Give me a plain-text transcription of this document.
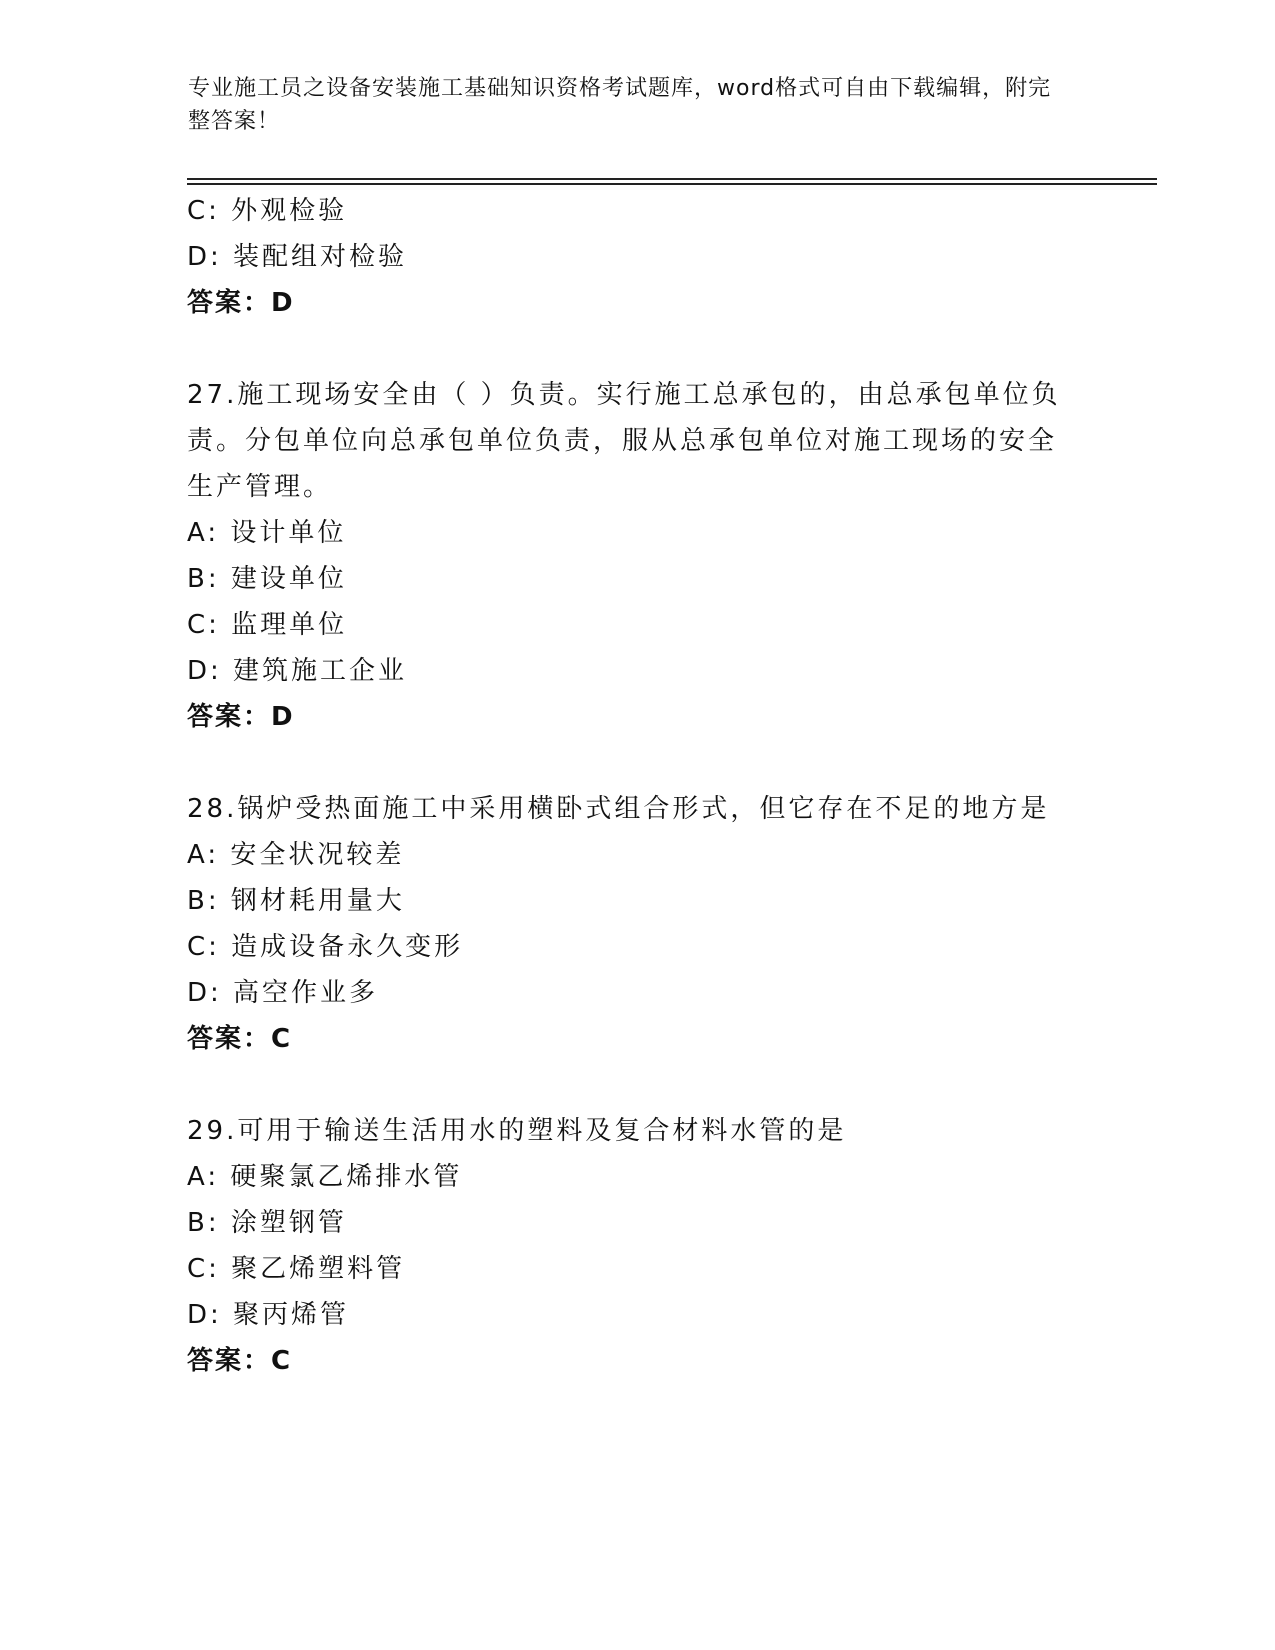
专业施工员之设备安装施工基础知识资格考试题库，word格式可自由下载编辑，附完整答案！
C: 外观检验
D: 装配组对检验
答案：D
27.施工现场安全由（ ）负责。实行施工总承包的，由总承包单位负责。分包单位向总承包单位负责，服从总承包单位对施工现场的安全生产管理。
A: 设计单位
B: 建设单位
C: 监理单位
D: 建筑施工企业
答案：D
28.锅炉受热面施工中采用横卧式组合形式，但它存在不足的地方是
A: 安全状况较差
B: 钢材耗用量大
C: 造成设备永久变形
D: 高空作业多
答案：C
29.可用于输送生活用水的塑料及复合材料水管的是
A: 硬聚氯乙烯排水管
B: 涂塑钢管
C: 聚乙烯塑料管
D: 聚丙烯管
答案：C
